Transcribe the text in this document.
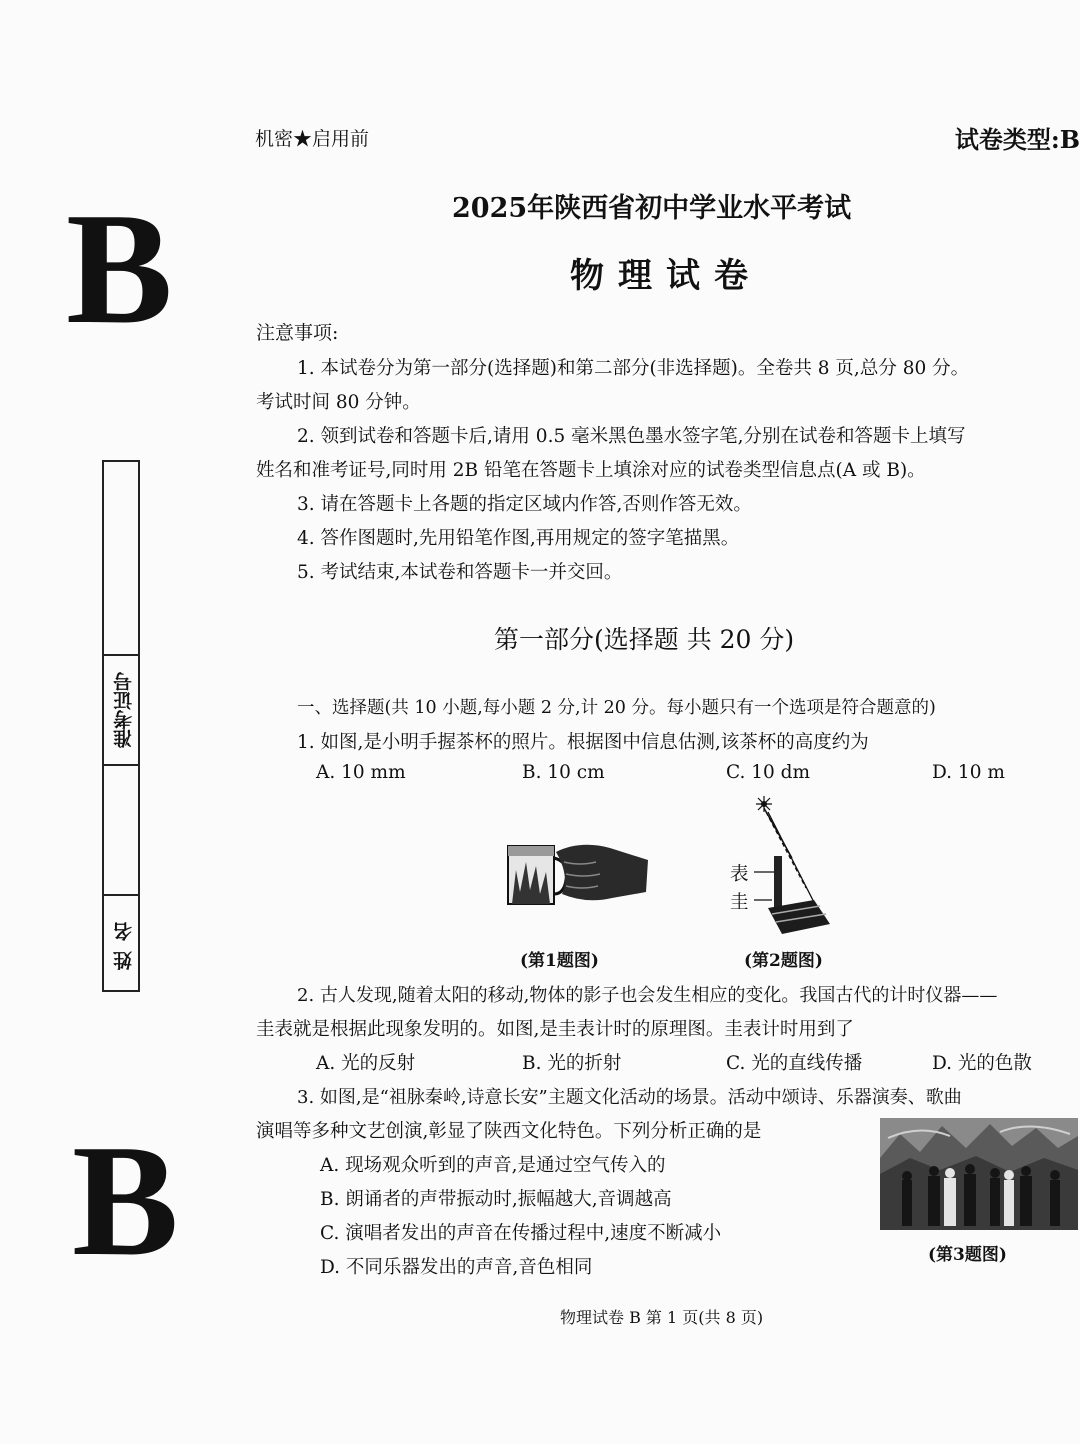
B
B
准考证号
姓名
机密★启用前	试卷类型:B
2025年陕西省初中学业水平考试
物理试卷
注意事项:
1. 本试卷分为第一部分(选择题)和第二部分(非选择题)。全卷共 8 页,总分 80 分。
考试时间 80 分钟。
2. 领到试卷和答题卡后,请用 0.5 毫米黑色墨水签字笔,分别在试卷和答题卡上填写
姓名和准考证号,同时用 2B 铅笔在答题卡上填涂对应的试卷类型信息点(A 或 B)。
3. 请在答题卡上各题的指定区域内作答,否则作答无效。
4. 答作图题时,先用铅笔作图,再用规定的签字笔描黑。
5. 考试结束,本试卷和答题卡一并交回。
第一部分(选择题 共 20 分)
一、选择题(共 10 小题,每小题 2 分,计 20 分。每小题只有一个选项是符合题意的)
1. 如图,是小明手握茶杯的照片。根据图中信息估测,该茶杯的高度约为
A. 10 mm	B. 10 cm	C. 10 dm	D. 10 m
(第1题图)
表
圭
(第2题图)
2. 古人发现,随着太阳的移动,物体的影子也会发生相应的变化。我国古代的计时仪器——
圭表就是根据此现象发明的。如图,是圭表计时的原理图。圭表计时用到了
A. 光的反射	B. 光的折射	C. 光的直线传播	D. 光的色散
3. 如图,是“祖脉秦岭,诗意长安”主题文化活动的场景。活动中颂诗、乐器演奏、歌曲
演唱等多种文艺创演,彰显了陕西文化特色。下列分析正确的是
A. 现场观众听到的声音,是通过空气传入的
B. 朗诵者的声带振动时,振幅越大,音调越高
C. 演唱者发出的声音在传播过程中,速度不断减小
D. 不同乐器发出的声音,音色相同
(第3题图)
物理试卷 B 第 1 页(共 8 页)
